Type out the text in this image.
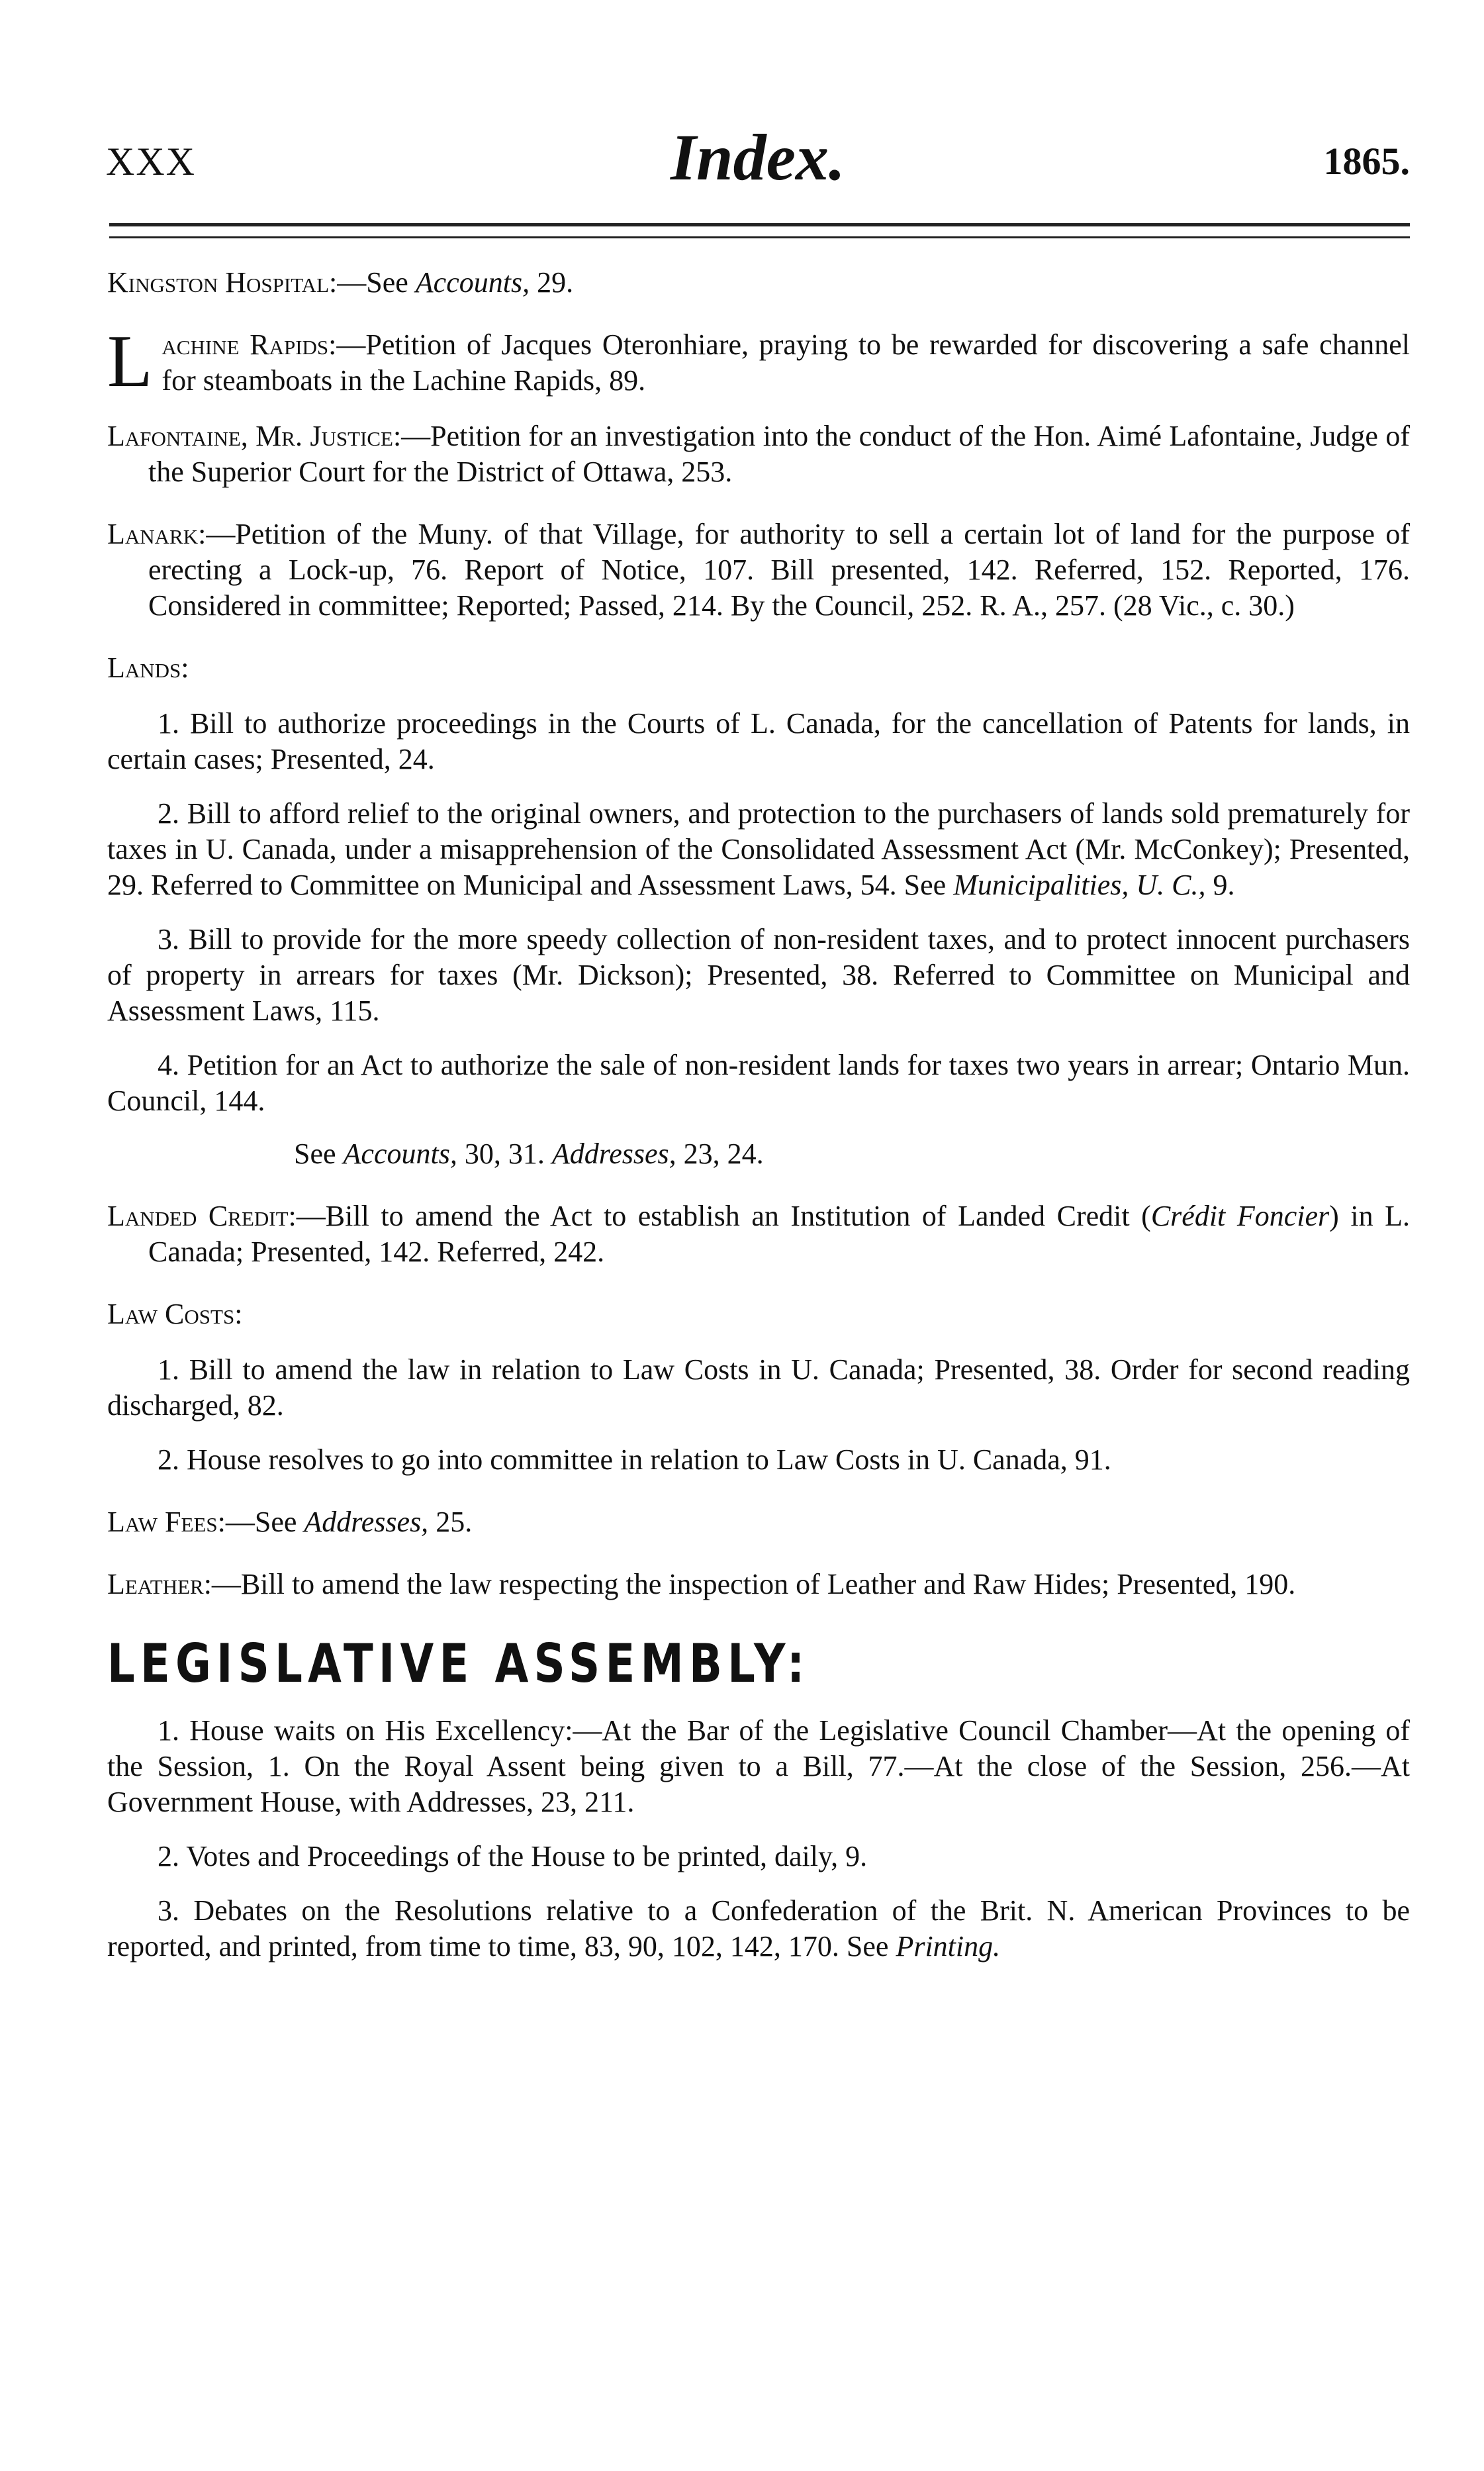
XXX	Index.	1865.

Kingston Hospital:—See Accounts, 29.

L achine Rapids:—Petition of Jacques Oteronhiare, praying to be rewarded for discovering a safe channel for steamboats in the Lachine Rapids, 89.

Lafontaine, Mr. Justice:—Petition for an investigation into the conduct of the Hon. Aimé Lafontaine, Judge of the Superior Court for the District of Ottawa, 253.

Lanark:—Petition of the Muny. of that Village, for authority to sell a certain lot of land for the purpose of erecting a Lock-up, 76. Report of Notice, 107. Bill presented, 142. Referred, 152. Reported, 176. Considered in committee; Reported; Passed, 214. By the Council, 252. R. A., 257. (28 Vic., c. 30.)

Lands:

1. Bill to authorize proceedings in the Courts of L. Canada, for the cancellation of Patents for lands, in certain cases; Presented, 24.

2. Bill to afford relief to the original owners, and protection to the purchasers of lands sold prematurely for taxes in U. Canada, under a misapprehension of the Consolidated Assessment Act (Mr. McConkey); Presented, 29. Referred to Committee on Municipal and Assessment Laws, 54. See Municipalities, U. C., 9.

3. Bill to provide for the more speedy collection of non-resident taxes, and to protect innocent purchasers of property in arrears for taxes (Mr. Dickson); Presented, 38. Referred to Committee on Municipal and Assessment Laws, 115.

4. Petition for an Act to authorize the sale of non-resident lands for taxes two years in arrear; Ontario Mun. Council, 144.

See Accounts, 30, 31. Addresses, 23, 24.

Landed Credit:—Bill to amend the Act to establish an Institution of Landed Credit (Crédit Foncier) in L. Canada; Presented, 142. Referred, 242.

Law Costs:

1. Bill to amend the law in relation to Law Costs in U. Canada; Presented, 38. Order for second reading discharged, 82.

2. House resolves to go into committee in relation to Law Costs in U. Canada, 91.

Law Fees:—See Addresses, 25.

Leather:—Bill to amend the law respecting the inspection of Leather and Raw Hides; Presented, 190.

LEGISLATIVE ASSEMBLY:

1. House waits on His Excellency:—At the Bar of the Legislative Council Chamber—At the opening of the Session, 1. On the Royal Assent being given to a Bill, 77.—At the close of the Session, 256.—At Government House, with Addresses, 23, 211.

2. Votes and Proceedings of the House to be printed, daily, 9.

3. Debates on the Resolutions relative to a Confederation of the Brit. N. American Provinces to be reported, and printed, from time to time, 83, 90, 102, 142, 170. See Printing.
